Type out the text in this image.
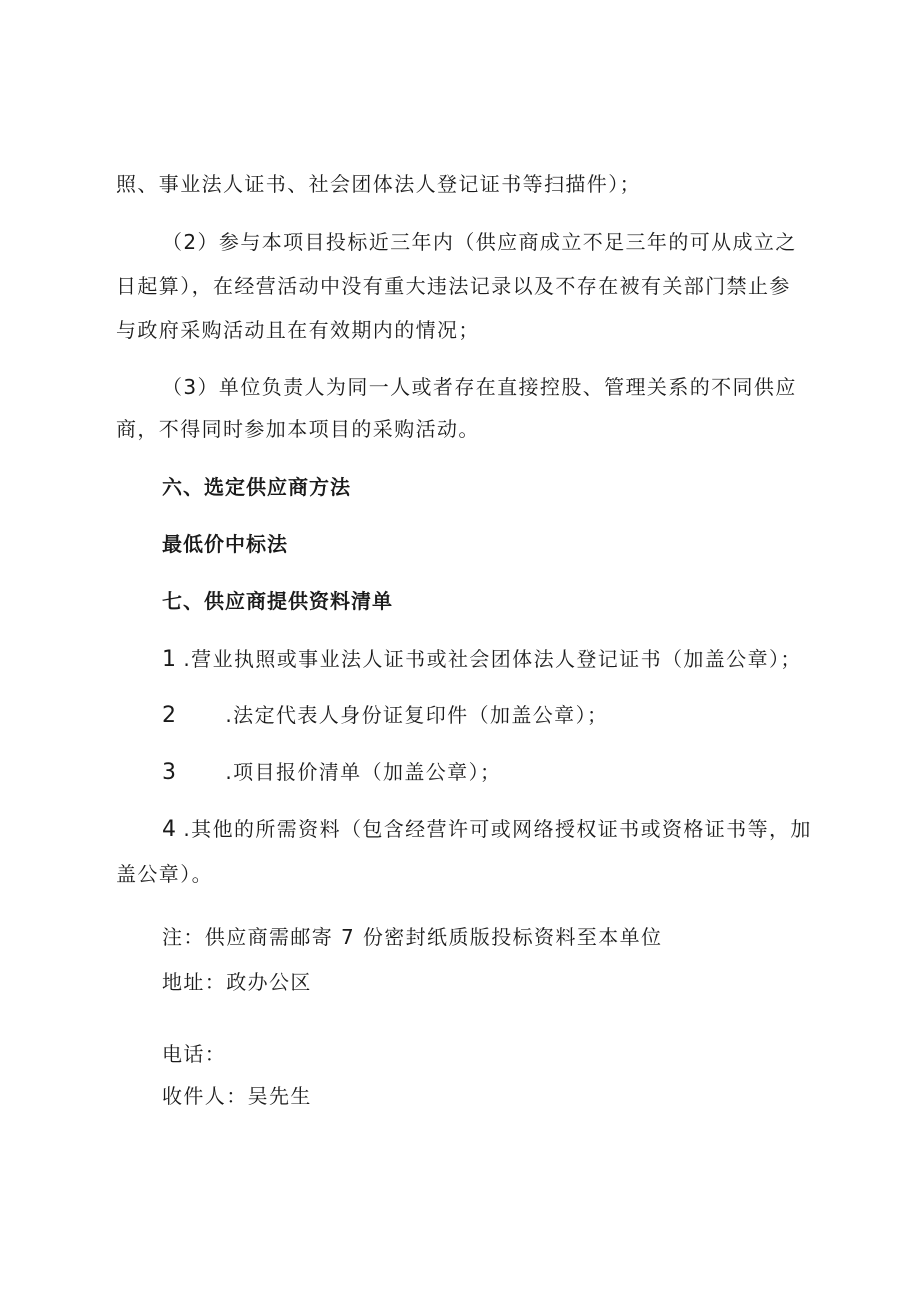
照、事业法人证书、社会团体法人登记证书等扫描件）；

（2）参与本项目投标近三年内（供应商成立不足三年的可从成立之

日起算），在经营活动中没有重大违法记录以及不存在被有关部门禁止参

与政府采购活动且在有效期内的情况；

（3）单位负责人为同一人或者存在直接控股、管理关系的不同供应

商，不得同时参加本项目的采购活动。

六、选定供应商方法

最低价中标法

七、供应商提供资料清单

1 .营业执照或事业法人证书或社会团体法人登记证书（加盖公章）；

2 .法定代表人身份证复印件（加盖公章）；

3 .项目报价清单（加盖公章）；

4 .其他的所需资料（包含经营许可或网络授权证书或资格证书等，加

盖公章）。

注：供应商需邮寄 7 份密封纸质版投标资料至本单位

地址：政办公区

电话：

收件人：吴先生
